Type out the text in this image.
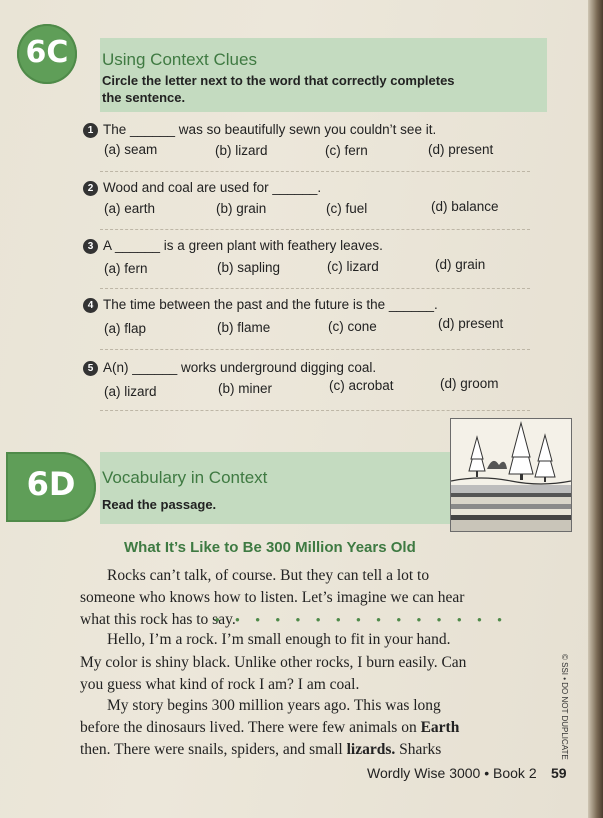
6C	Using Context Clues
Circle the letter next to the word that correctly completes
the sentence.
1 The ______ was so beautifully sewn you couldn’t see it.
(a) seam	(b) lizard	(c) fern	(d) present
2 Wood and coal are used for ______.
(a) earth	(b) grain	(c) fuel	(d) balance
3 A ______ is a green plant with feathery leaves.
(a) fern	(b) sapling	(c) lizard	(d) grain
4 The time between the past and the future is the ______.
(a) flap	(b) flame	(c) cone	(d) present
5 A(n) ______ works underground digging coal.
(a) lizard	(b) miner	(c) acrobat	(d) groom
6D	Vocabulary in Context
Read the passage.
What It’s Like to Be 300 Million Years Old
Rocks can’t talk, of course. But they can tell a lot to
someone who knows how to listen. Let’s imagine we can hear
what this rock has to say.
• • • • • • • • • • • • • • •
Hello, I’m a rock. I’m small enough to fit in your hand.
My color is shiny black. Unlike other rocks, I burn easily. Can
you guess what kind of rock I am? I am coal.
My story begins 300 million years ago. This was long
before the dinosaurs lived. There were few animals on Earth
then. There were snails, spiders, and small lizards. Sharks
Wordly Wise 3000 • Book 2 59
© SSI • DO NOT DUPLICATE
